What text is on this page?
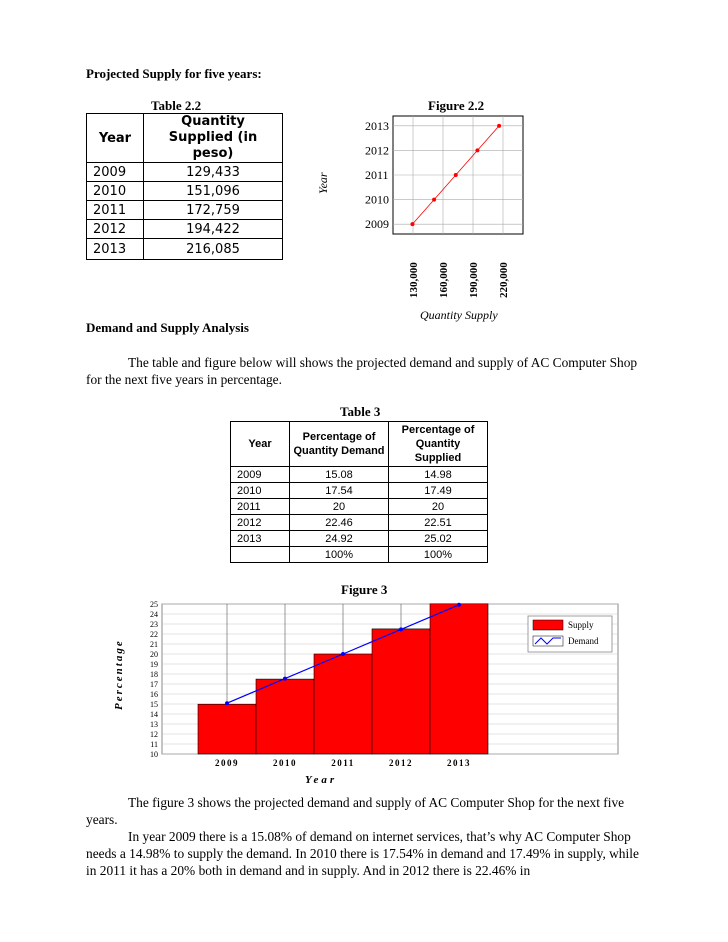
Projected Supply for five years:
Table 2.2
Year	Quantity Supplied (in peso)
2009	129,433
2010	151,096
2011	172,759
2012	194,422
2013	216,085
Figure 2.2
2009
2010
2011
2012
2013
130,000 160,000 190,000 220,000
Year
Quantity Supply
Demand and Supply Analysis
The table and figure below will shows the projected demand and supply of AC Computer Shop for the next five years in percentage.
Table 3
Year	Percentage of Quantity Demand	Percentage of Quantity Supplied
2009	15.08	14.98
2010	17.54	17.49
2011	20	20
2012	22.46	22.51
2013	24.92	25.02
	100%	100%
Figure 3
10
11
12
13
14
15
16
17
18
19
20
21
22
23
24
25
2009	2010	2011	2012	2013
Percentage
Year
Supply
Demand
The figure 3 shows the projected demand and supply of AC Computer Shop for the next five years.
In year 2009 there is a 15.08% of demand on internet services, that’s why AC Computer Shop needs a 14.98% to supply the demand. In 2010 there is 17.54% in demand and 17.49% in supply, while in 2011 it has a 20% both in demand and in supply. And in 2012 there is 22.46% in
